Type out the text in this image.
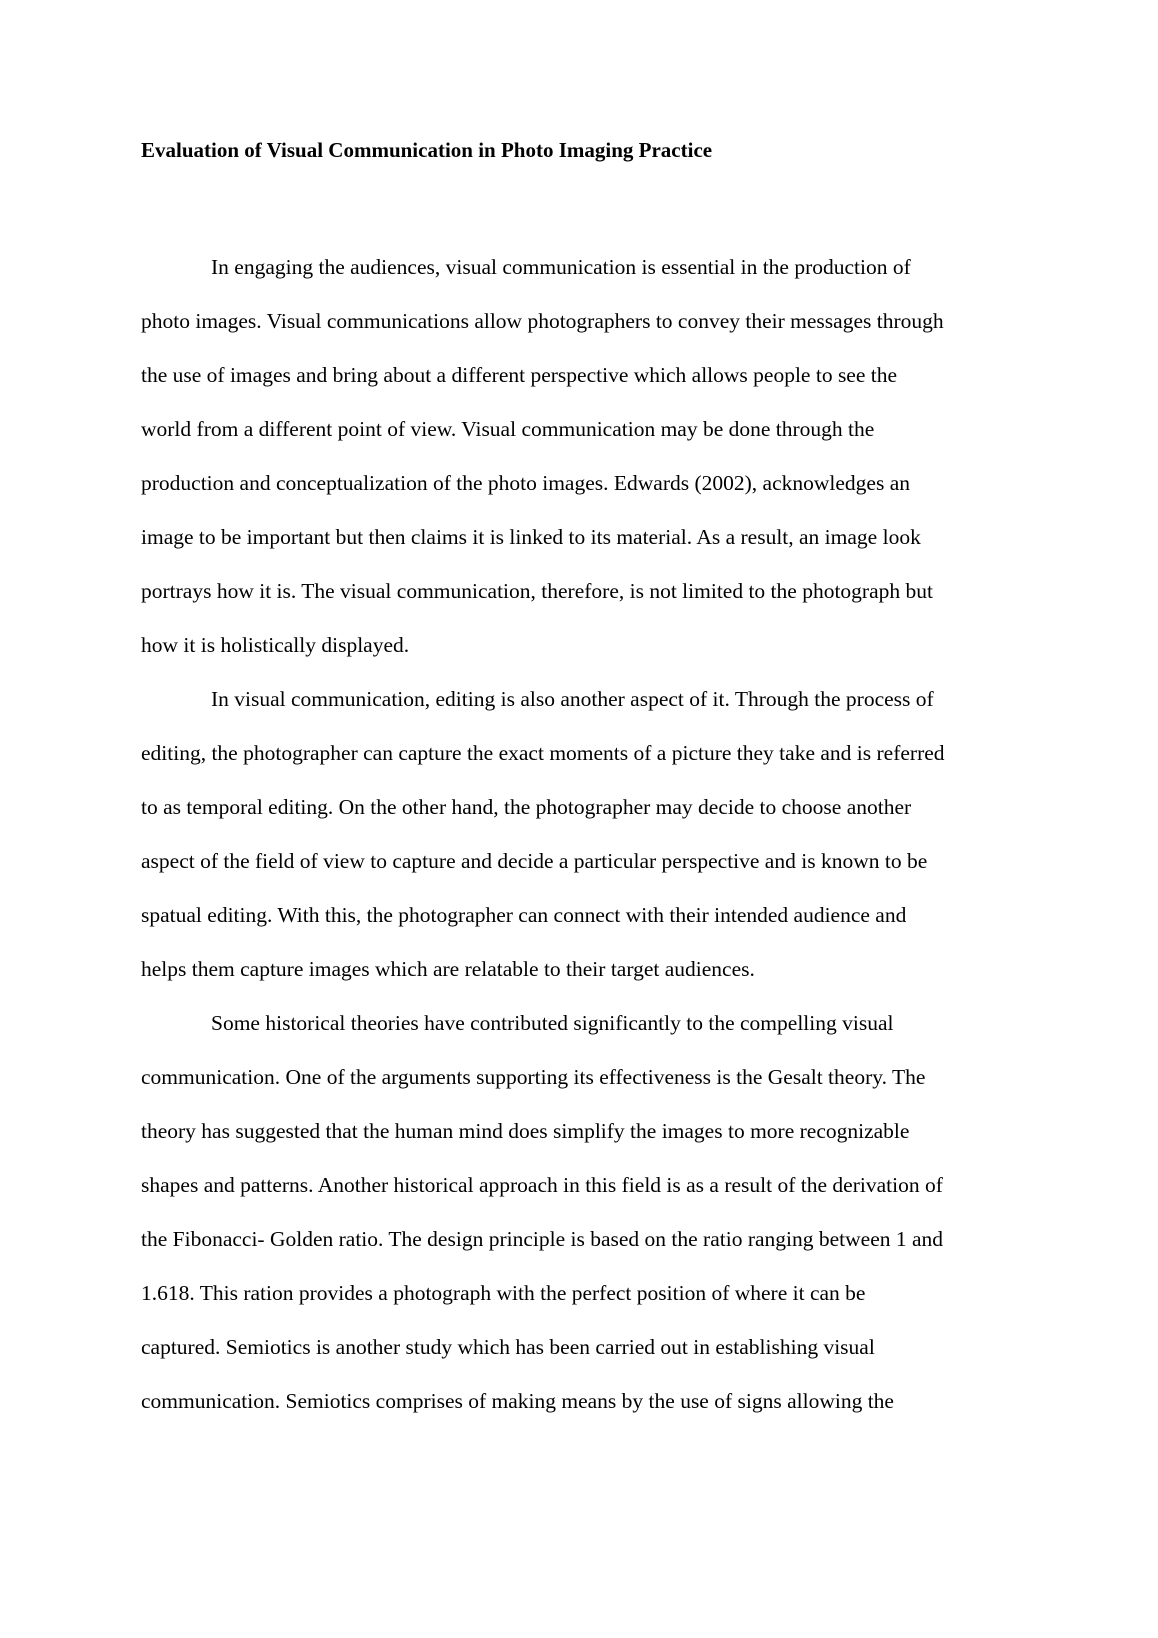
Evaluation of Visual Communication in Photo Imaging Practice
In engaging the audiences, visual communication is essential in the production of
photo images. Visual communications allow photographers to convey their messages through
the use of images and bring about a different perspective which allows people to see the
world from a different point of view. Visual communication may be done through the
production and conceptualization of the photo images. Edwards (2002), acknowledges an
image to be important but then claims it is linked to its material. As a result, an image look
portrays how it is. The visual communication, therefore, is not limited to the photograph but
how it is holistically displayed.
In visual communication, editing is also another aspect of it. Through the process of
editing, the photographer can capture the exact moments of a picture they take and is referred
to as temporal editing. On the other hand, the photographer may decide to choose another
aspect of the field of view to capture and decide a particular perspective and is known to be
spatual editing. With this, the photographer can connect with their intended audience and
helps them capture images which are relatable to their target audiences.
Some historical theories have contributed significantly to the compelling visual
communication. One of the arguments supporting its effectiveness is the Gesalt theory. The
theory has suggested that the human mind does simplify the images to more recognizable
shapes and patterns. Another historical approach in this field is as a result of the derivation of
the Fibonacci- Golden ratio. The design principle is based on the ratio ranging between 1 and
1.618. This ration provides a photograph with the perfect position of where it can be
captured. Semiotics is another study which has been carried out in establishing visual
communication. Semiotics comprises of making means by the use of signs allowing the
